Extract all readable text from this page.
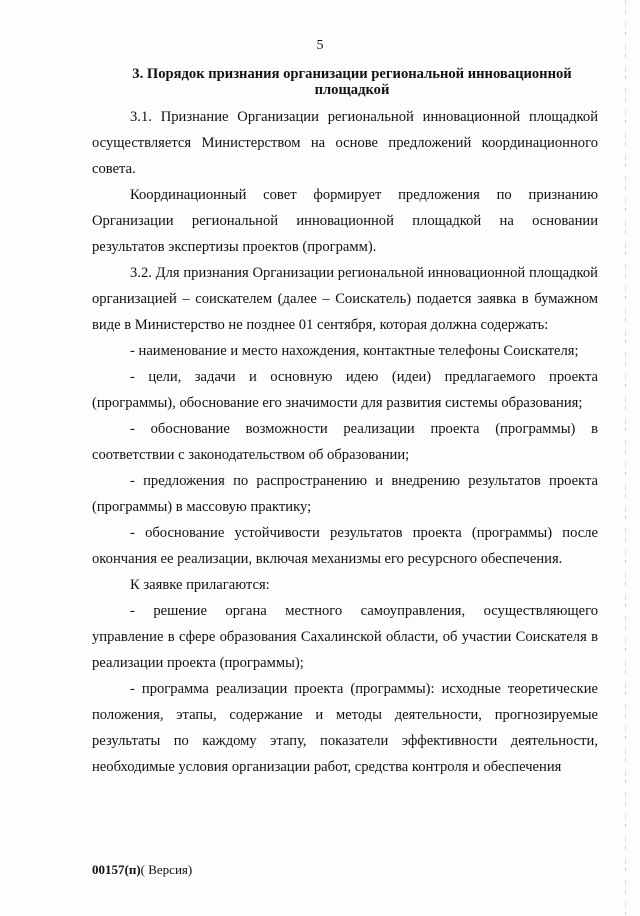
5

3. Порядок признания организации региональной инновационной площадкой

3.1. Признание Организации региональной инновационной площадкой осуществляется Министерством на основе предложений координационного совета.

Координационный совет формирует предложения по признанию Организации региональной инновационной площадкой на основании результатов экспертизы проектов (программ).

3.2. Для признания Организации региональной инновационной площадкой организацией – соискателем (далее – Соискатель) подается заявка в бумажном виде в Министерство не позднее 01 сентября, которая должна содержать:

- наименование и место нахождения, контактные телефоны Соискателя;

- цели, задачи и основную идею (идеи) предлагаемого проекта (программы), обоснование его значимости для развития системы образования;

- обоснование возможности реализации проекта (программы) в соответствии с законодательством об образовании;

- предложения по распространению и внедрению результатов проекта (программы) в массовую практику;

- обоснование устойчивости результатов проекта (программы) после окончания ее реализации, включая механизмы его ресурсного обеспечения.

К заявке прилагаются:

- решение органа местного самоуправления, осуществляющего управление в сфере образования Сахалинской области, об участии Соискателя в реализации проекта (программы);

- программа реализации проекта (программы): исходные теоретические положения, этапы, содержание и методы деятельности, прогнозируемые результаты по каждому этапу, показатели эффективности деятельности, необходимые условия организации работ, средства контроля и обеспечения

00157(п)( Версия)
